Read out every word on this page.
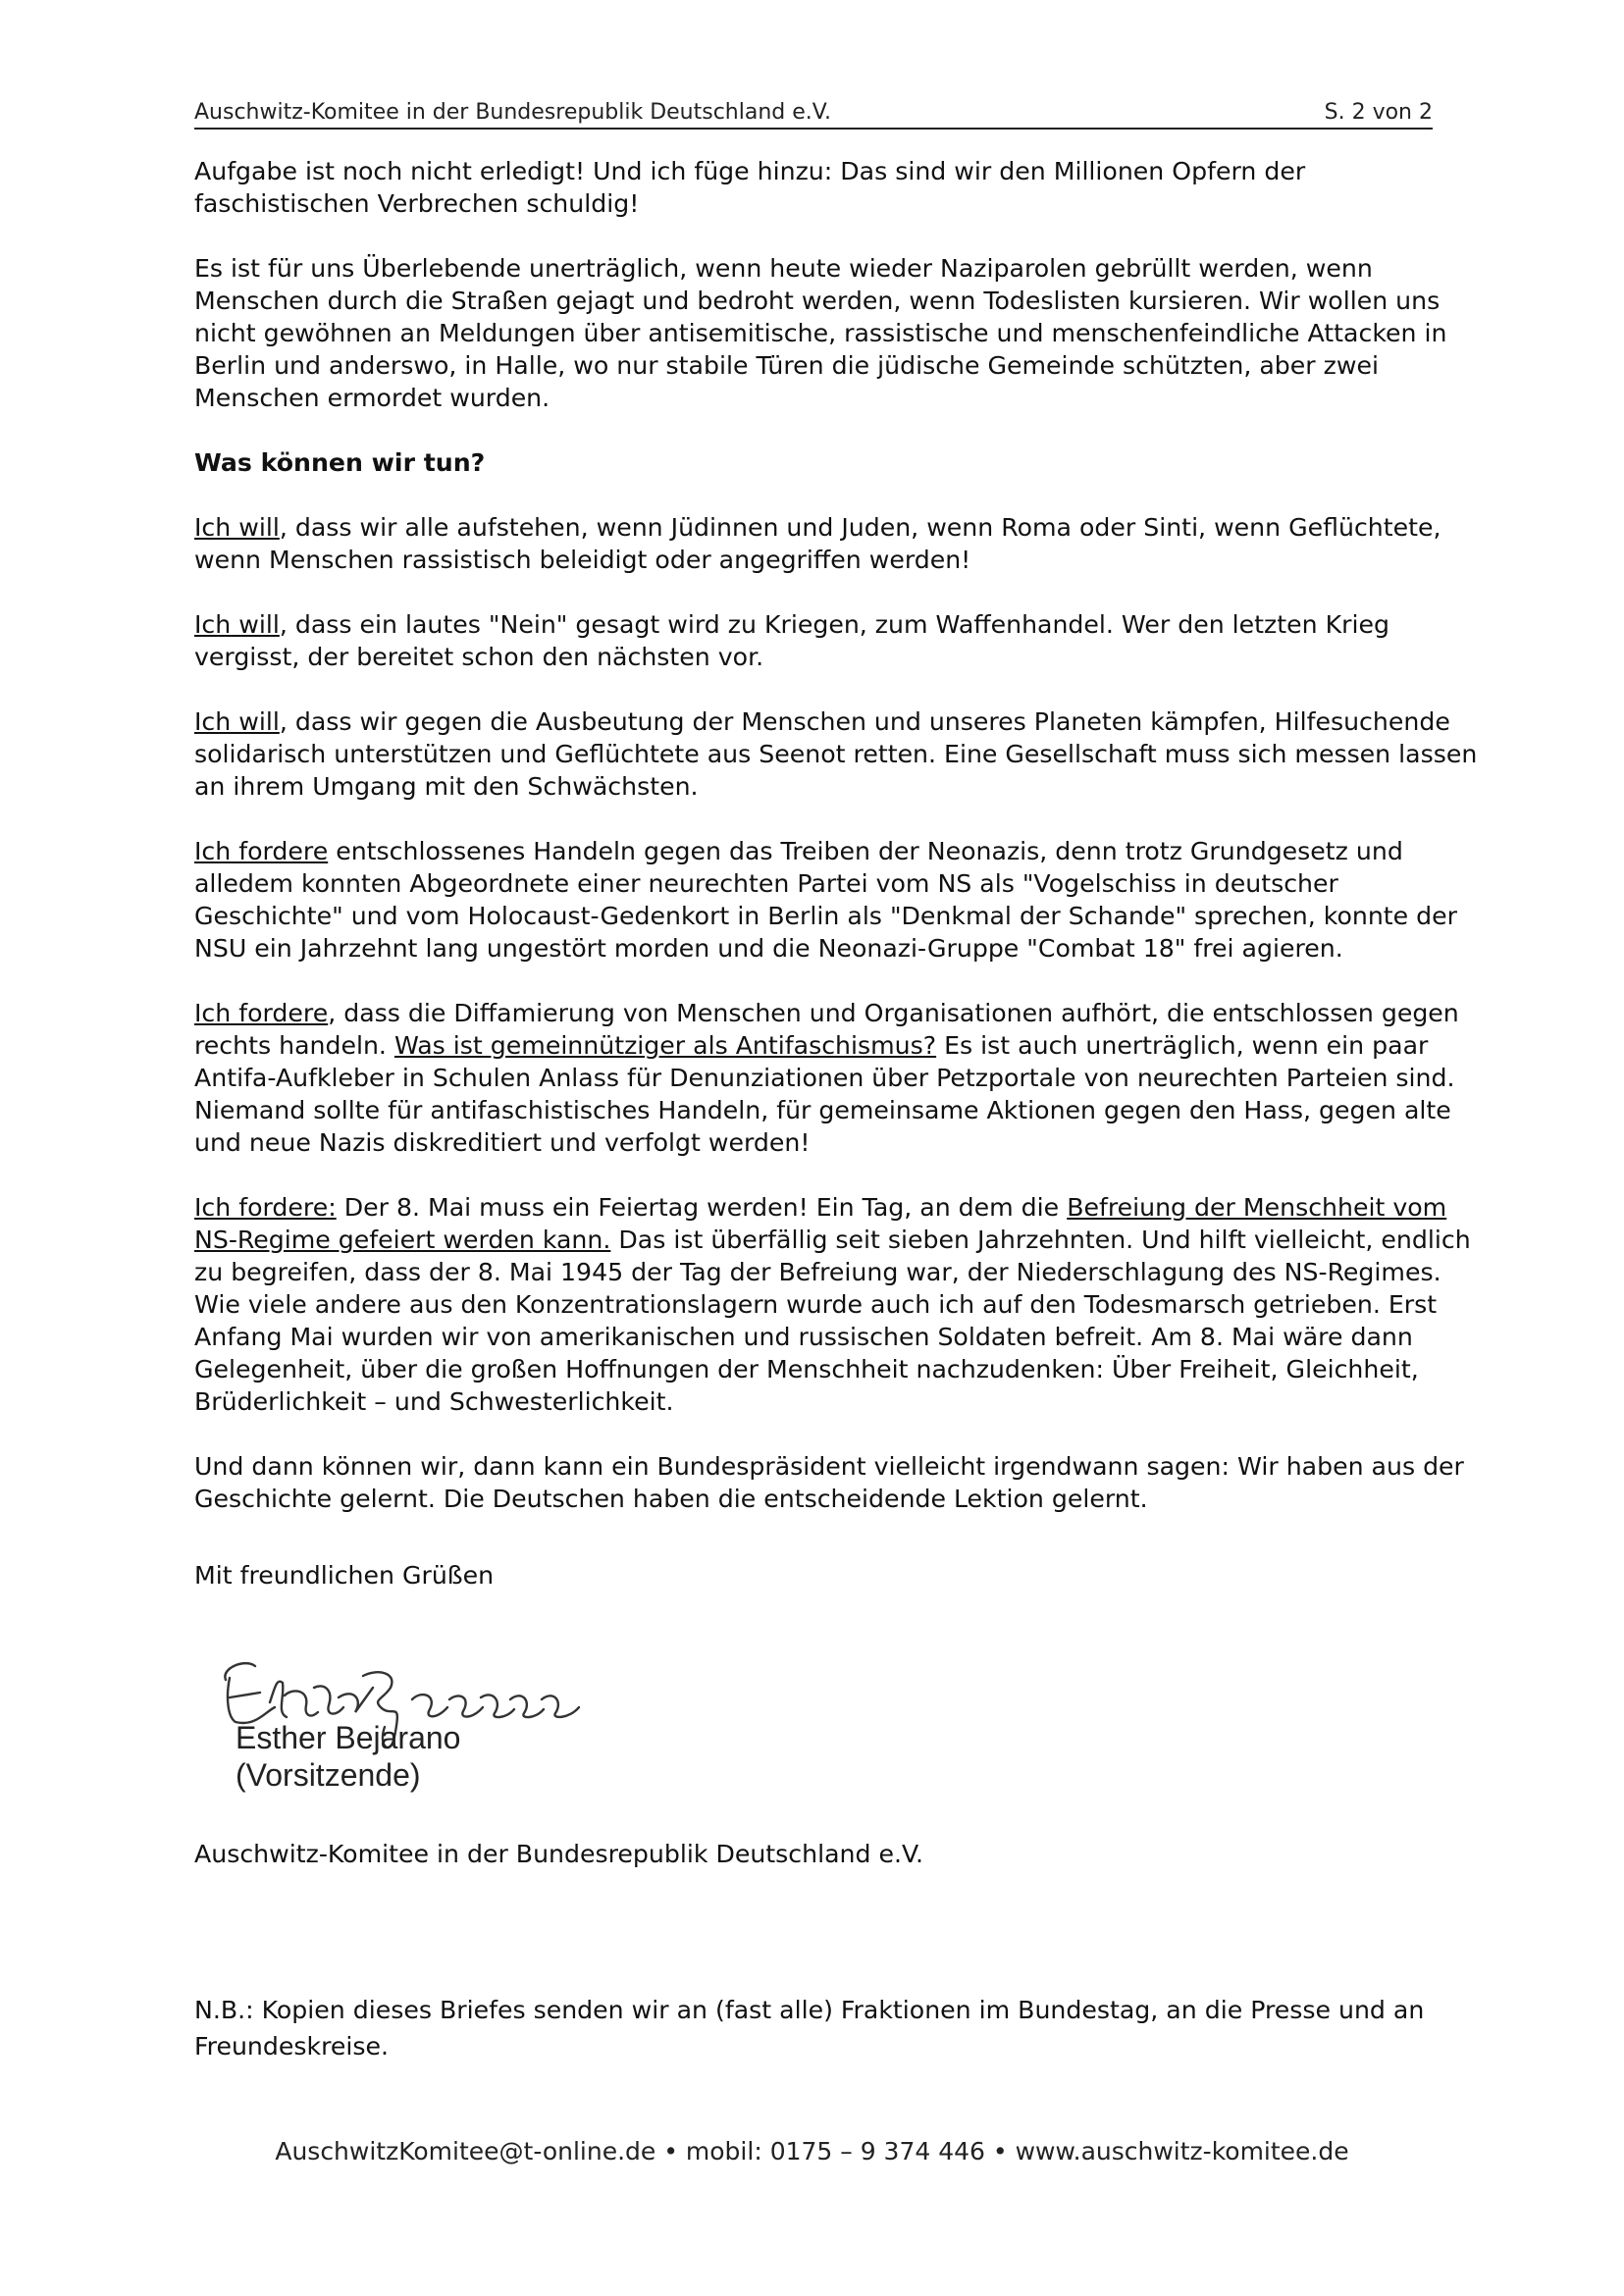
Auschwitz-Komitee in der Bundesrepublik Deutschland e.V.	S. 2 von 2

Aufgabe ist noch nicht erledigt! Und ich füge hinzu: Das sind wir den Millionen Opfern der faschistischen Verbrechen schuldig!

Es ist für uns Überlebende unerträglich, wenn heute wieder Naziparolen gebrüllt werden, wenn Menschen durch die Straßen gejagt und bedroht werden, wenn Todeslisten kursieren. Wir wollen uns nicht gewöhnen an Meldungen über antisemitische, rassistische und menschenfeindliche Attacken in Berlin und anderswo, in Halle, wo nur stabile Türen die jüdische Gemeinde schützten, aber zwei Menschen ermordet wurden.

Was können wir tun?

Ich will, dass wir alle aufstehen, wenn Jüdinnen und Juden, wenn Roma oder Sinti, wenn Geflüchtete, wenn Menschen rassistisch beleidigt oder angegriffen werden!

Ich will, dass ein lautes "Nein" gesagt wird zu Kriegen, zum Waffenhandel. Wer den letzten Krieg vergisst, der bereitet schon den nächsten vor.

Ich will, dass wir gegen die Ausbeutung der Menschen und unseres Planeten kämpfen, Hilfesuchende solidarisch unterstützen und Geflüchtete aus Seenot retten. Eine Gesellschaft muss sich messen lassen an ihrem Umgang mit den Schwächsten.

Ich fordere entschlossenes Handeln gegen das Treiben der Neonazis, denn trotz Grundgesetz und alledem konnten Abgeordnete einer neurechten Partei vom NS als "Vogelschiss in deutscher Geschichte" und vom Holocaust-Gedenkort in Berlin als "Denkmal der Schande" sprechen, konnte der NSU ein Jahrzehnt lang ungestört morden und die Neonazi-Gruppe "Combat 18" frei agieren.

Ich fordere, dass die Diffamierung von Menschen und Organisationen aufhört, die entschlossen gegen rechts handeln. Was ist gemeinnütziger als Antifaschismus? Es ist auch unerträglich, wenn ein paar Antifa-Aufkleber in Schulen Anlass für Denunziationen über Petzportale von neurechten Parteien sind. Niemand sollte für antifaschistisches Handeln, für gemeinsame Aktionen gegen den Hass, gegen alte und neue Nazis diskreditiert und verfolgt werden!

Ich fordere: Der 8. Mai muss ein Feiertag werden! Ein Tag, an dem die Befreiung der Menschheit vom NS-Regime gefeiert werden kann. Das ist überfällig seit sieben Jahrzehnten. Und hilft vielleicht, endlich zu begreifen, dass der 8. Mai 1945 der Tag der Befreiung war, der Niederschlagung des NS-Regimes. Wie viele andere aus den Konzentrationslagern wurde auch ich auf den Todesmarsch getrieben. Erst Anfang Mai wurden wir von amerikanischen und russischen Soldaten befreit. Am 8. Mai wäre dann Gelegenheit, über die großen Hoffnungen der Menschheit nachzudenken: Über Freiheit, Gleichheit, Brüderlichkeit – und Schwesterlichkeit.

Und dann können wir, dann kann ein Bundespräsident vielleicht irgendwann sagen: Wir haben aus der Geschichte gelernt. Die Deutschen haben die entscheidende Lektion gelernt.

Mit freundlichen Grüßen

Esther Bejarano
(Vorsitzende)
Auschwitz-Komitee in der Bundesrepublik Deutschland e.V.
N.B.: Kopien dieses Briefes senden wir an (fast alle) Fraktionen im Bundestag, an die Presse und an Freundeskreise.
AuschwitzKomitee@t-online.de • mobil: 0175 – 9 374 446 • www.auschwitz-komitee.de
